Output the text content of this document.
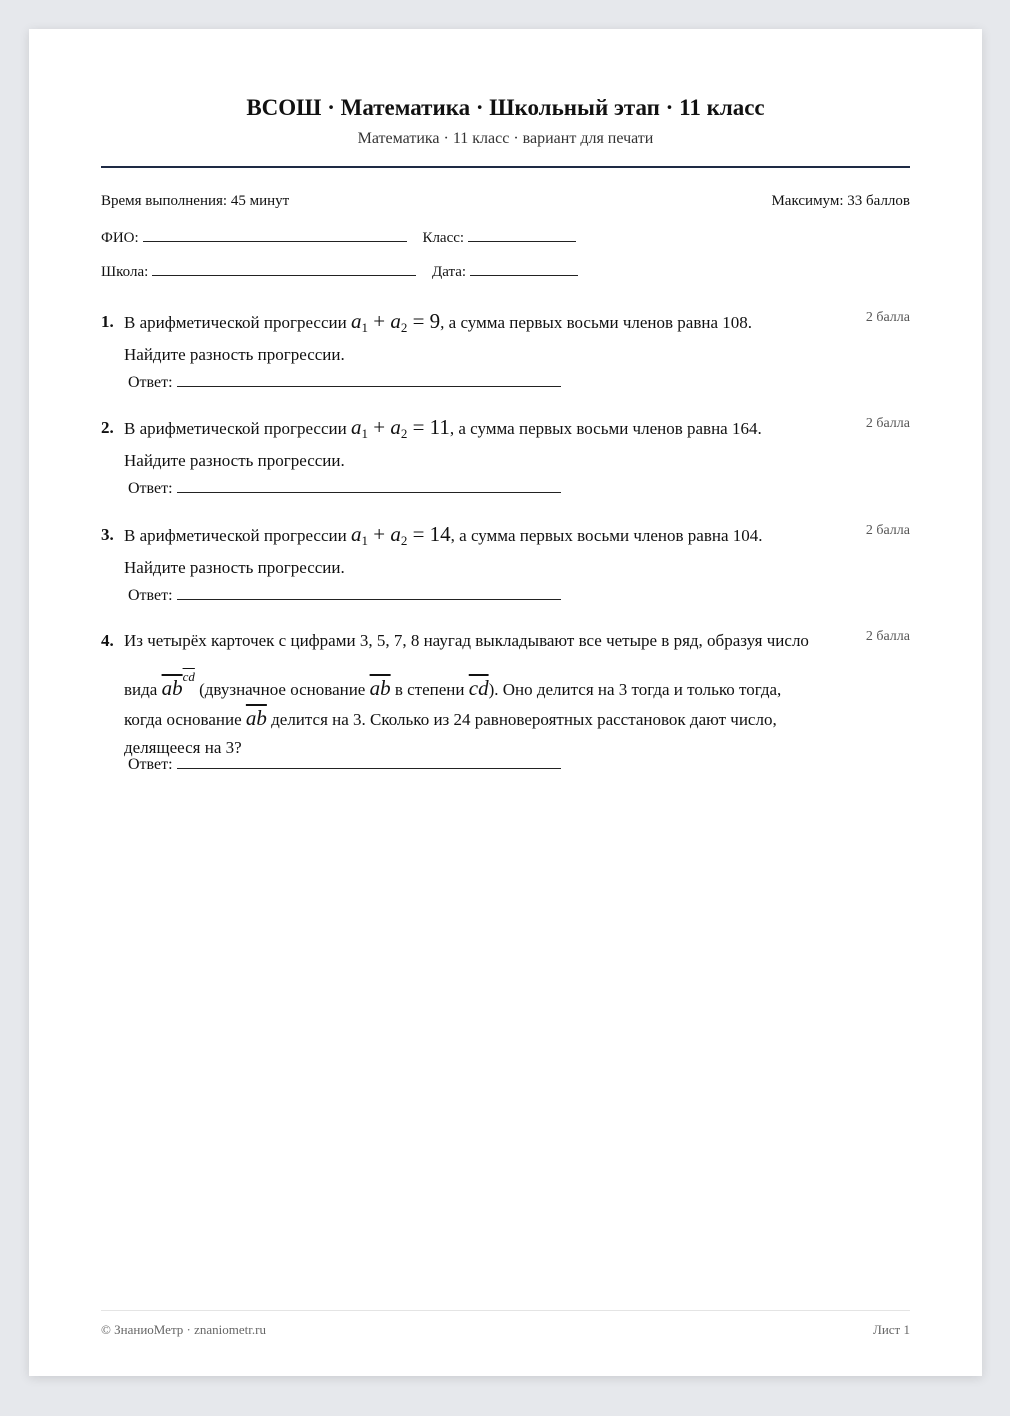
ВСОШ · Математика · Школьный этап · 11 класс
Математика · 11 класс · вариант для печати
Время выполнения: 45 минут	Максимум: 33 баллов
ФИО:	Класс:
Школа:	Дата:
1. В арифметической прогрессии $a_1 + a_2 = 9$, а сумма первых восьми членов равна 108.
Найдите разность прогрессии.
2 балла
Ответ:
2. В арифметической прогрессии $a_1 + a_2 = 11$, а сумма первых восьми членов равна 164.
Найдите разность прогрессии.
2 балла
Ответ:
3. В арифметической прогрессии $a_1 + a_2 = 14$, а сумма первых восьми членов равна 104.
Найдите разность прогрессии.
2 балла
Ответ:
4. Из четырёх карточек с цифрами 3, 5, 7, 8 наугад выкладывают все четыре в ряд, образуя число
вида $\overline{ab}^{\overline{cd}}$ (двузначное основание $\overline{ab}$ в степени $\overline{cd}$). Оно делится на 3 тогда и только тогда,
когда основание $\overline{ab}$ делится на 3. Сколько из 24 равновероятных расстановок дают число,
делящееся на 3?
2 балла
Ответ:
© ЗнаниоМетр · znaniometr.ru	Лист 1
